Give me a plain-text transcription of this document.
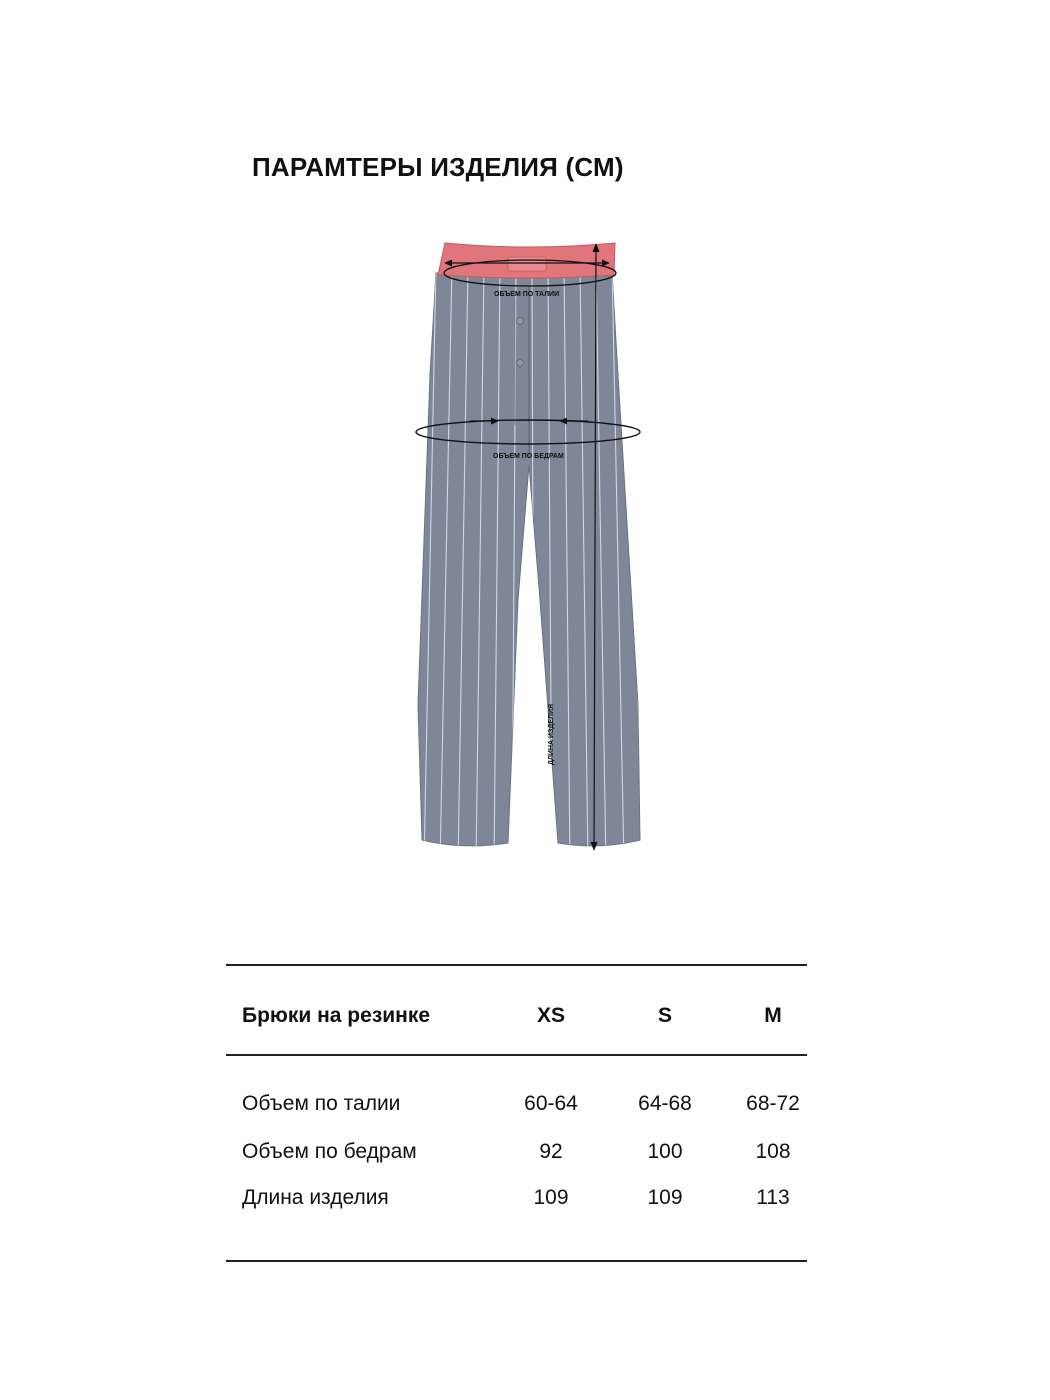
ПАРАМТЕРЫ ИЗДЕЛИЯ (СМ)
ОБЪЕМ ПО ТАЛИИ
ОБЪЕМ ПО БЕДРАМ
ДЛИНА ИЗДЕЛИЯ
Брюки на резинке	XS	S	M
Объем по талии	60-64	64-68	68-72
Объем по бедрам	92	100	108
Длина изделия	109	109	113
